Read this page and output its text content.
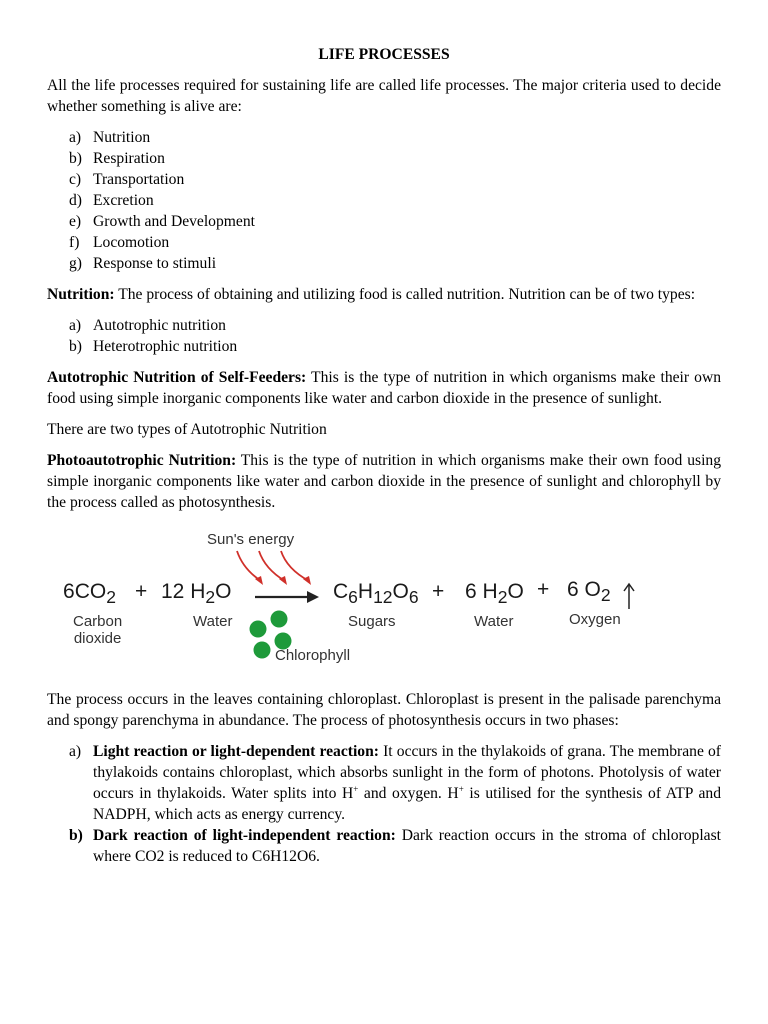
LIFE PROCESSES

All the life processes required for sustaining life are called life processes. The major criteria used to decide whether something is alive are:

a) Nutrition
b) Respiration
c) Transportation
d) Excretion
e) Growth and Development
f) Locomotion
g) Response to stimuli

Nutrition: The process of obtaining and utilizing food is called nutrition. Nutrition can be of two types:

a) Autotrophic nutrition
b) Heterotrophic nutrition

Autotrophic Nutrition of Self-Feeders: This is the type of nutrition in which organisms make their own food using simple inorganic components like water and carbon dioxide in the presence of sunlight.

There are two types of Autotrophic Nutrition

Photoautotrophic Nutrition: This is the type of nutrition in which organisms make their own food using simple inorganic components like water and carbon dioxide in the presence of sunlight and chlorophyll by the process called as photosynthesis.

Sun's energy
$6CO_2$
Carbon
dioxide
+ 12 $H_2O$
Water
$C_6H_{12}O_6$
Sugars
+ 6 $H_2O$
Water
+ 6 $O_2$
Oxygen
Chlorophyll

The process occurs in the leaves containing chloroplast. Chloroplast is present in the palisade parenchyma and spongy parenchyma in abundance. The process of photosynthesis occurs in two phases:

a) Light reaction or light-dependent reaction: It occurs in the thylakoids of grana. The membrane of thylakoids contains chloroplast, which absorbs sunlight in the form of photons. Photolysis of water occurs in thylakoids. Water splits into H+ and oxygen. H+ is utilised for the synthesis of ATP and NADPH, which acts as energy currency.
b) Dark reaction of light-independent reaction: Dark reaction occurs in the stroma of chloroplast where CO2 is reduced to C6H12O6.
